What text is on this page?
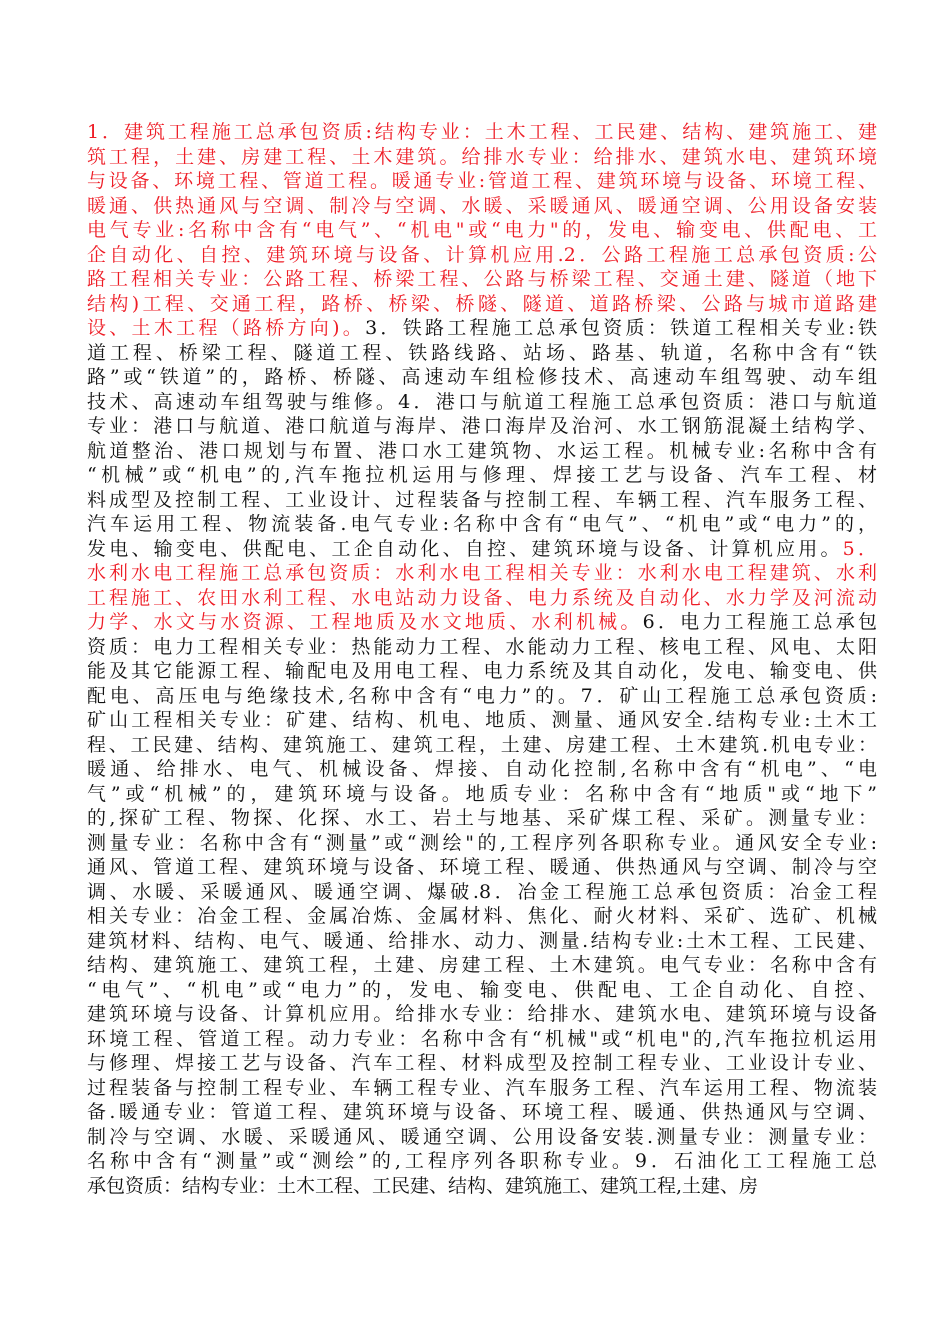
1．建筑工程施工总承包资质:结构专业：土木工程、工民建、结构、建筑施工、建
筑工程，土建、房建工程、土木建筑。给排水专业：给排水、建筑水电、建筑环境
与设备、环境工程、管道工程。暖通专业:管道工程、建筑环境与设备、环境工程、
暖通、供热通风与空调、制冷与空调、水暖、采暖通风、暖通空调、公用设备安装
电气专业:名称中含有“电气”、“机电"或“电力"的，发电、输变电、供配电、工
企自动化、自控、建筑环境与设备、计算机应用.2．公路工程施工总承包资质:公
路工程相关专业：公路工程、桥梁工程、公路与桥梁工程、交通土建、隧道（地下
结构)工程、交通工程，路桥、桥梁、桥隧、隧道、道路桥梁、公路与城市道路建
设、土木工程（路桥方向)。3．铁路工程施工总承包资质：铁道工程相关专业:铁
道工程、桥梁工程、隧道工程、铁路线路、站场、路基、轨道，名称中含有“铁
路”或“铁道”的，路桥、桥隧、高速动车组检修技术、高速动车组驾驶、动车组
技术、高速动车组驾驶与维修。4．港口与航道工程施工总承包资质：港口与航道
专业：港口与航道、港口航道与海岸、港口海岸及治河、水工钢筋混凝土结构学、
航道整治、港口规划与布置、港口水工建筑物、水运工程。机械专业:名称中含有
“机械”或“机电”的,汽车拖拉机运用与修理、焊接工艺与设备、汽车工程、材
料成型及控制工程、工业设计、过程装备与控制工程、车辆工程、汽车服务工程、
汽车运用工程、物流装备.电气专业:名称中含有“电气”、“机电”或“电力”的，
发电、输变电、供配电、工企自动化、自控、建筑环境与设备、计算机应用。5．
水利水电工程施工总承包资质：水利水电工程相关专业：水利水电工程建筑、水利
工程施工、农田水利工程、水电站动力设备、电力系统及自动化、水力学及河流动
力学、水文与水资源、工程地质及水文地质、水利机械。6．电力工程施工总承包
资质：电力工程相关专业：热能动力工程、水能动力工程、核电工程、风电、太阳
能及其它能源工程、输配电及用电工程、电力系统及其自动化，发电、输变电、供
配电、高压电与绝缘技术,名称中含有“电力”的。7．矿山工程施工总承包资质:
矿山工程相关专业：矿建、结构、机电、地质、测量、通风安全.结构专业:土木工
程、工民建、结构、建筑施工、建筑工程，土建、房建工程、土木建筑.机电专业：
暖通、给排水、电气、机械设备、焊接、自动化控制,名称中含有“机电”、“电
气”或“机械”的，建筑环境与设备。地质专业：名称中含有“地质"或“地下”
的,探矿工程、物探、化探、水工、岩土与地基、采矿煤工程、采矿。测量专业：
测量专业：名称中含有“测量”或“测绘"的,工程序列各职称专业。通风安全专业:
通风、管道工程、建筑环境与设备、环境工程、暖通、供热通风与空调、制冷与空
调、水暖、采暖通风、暖通空调、爆破.8．冶金工程施工总承包资质：冶金工程
相关专业：冶金工程、金属冶炼、金属材料、焦化、耐火材料、采矿、选矿、机械
建筑材料、结构、电气、暖通、给排水、动力、测量.结构专业:土木工程、工民建、
结构、建筑施工、建筑工程，土建、房建工程、土木建筑。电气专业：名称中含有
“电气”、“机电”或“电力”的，发电、输变电、供配电、工企自动化、自控、
建筑环境与设备、计算机应用。给排水专业：给排水、建筑水电、建筑环境与设备
环境工程、管道工程。动力专业：名称中含有“机械"或“机电"的,汽车拖拉机运用
与修理、焊接工艺与设备、汽车工程、材料成型及控制工程专业、工业设计专业、
过程装备与控制工程专业、车辆工程专业、汽车服务工程、汽车运用工程、物流装
备.暖通专业：管道工程、建筑环境与设备、环境工程、暖通、供热通风与空调、
制冷与空调、水暖、采暖通风、暖通空调、公用设备安装.测量专业：测量专业：
名称中含有“测量”或“测绘”的,工程序列各职称专业。9．石油化工工程施工总
承包资质：结构专业：土木工程、工民建、结构、建筑施工、建筑工程,土建、房
